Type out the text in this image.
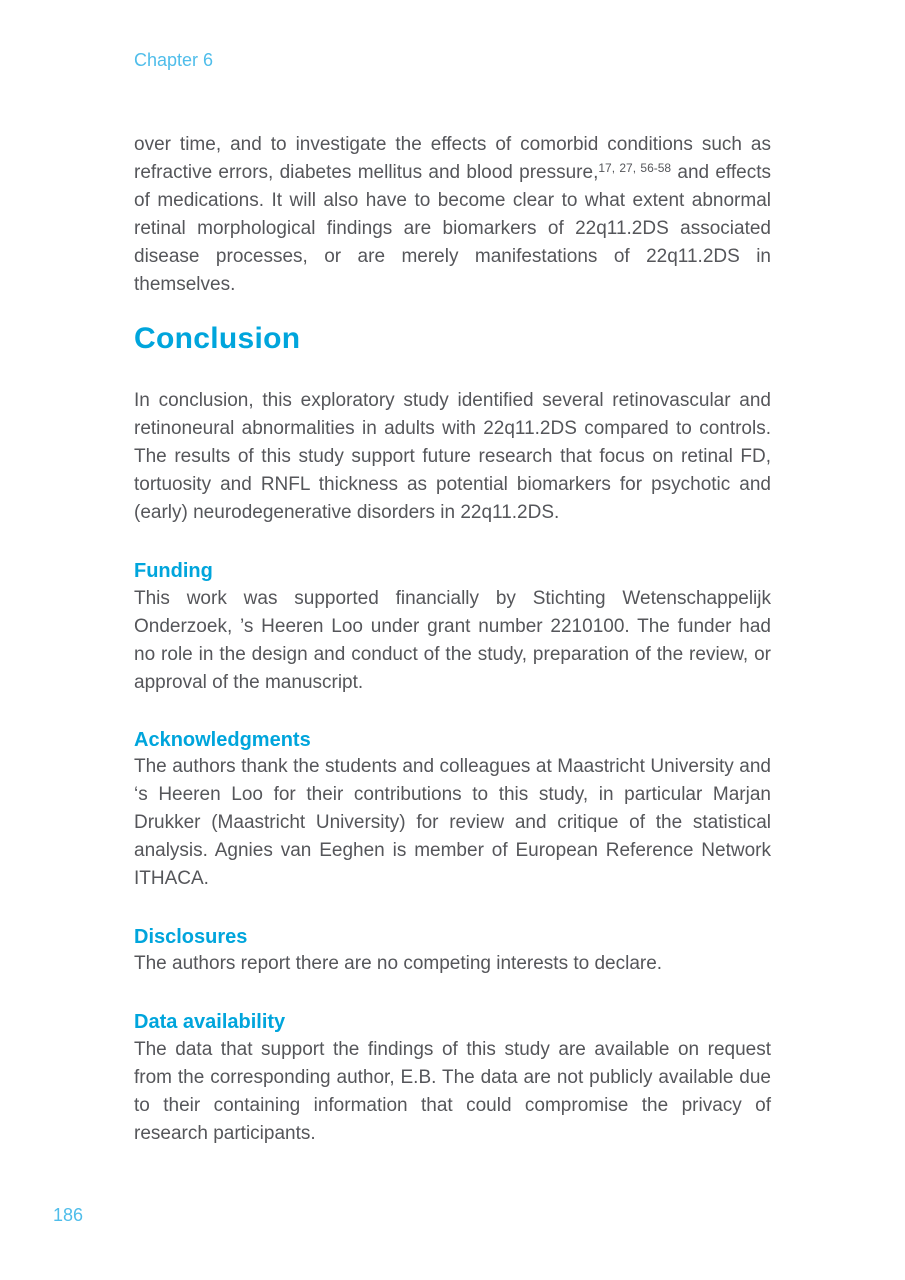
Chapter 6

over time, and to investigate the effects of comorbid conditions such as refractive errors, diabetes mellitus and blood pressure,$^{17, 27, 56-58}$ and effects of medications. It will also have to become clear to what extent abnormal retinal morphological findings are biomarkers of 22q11.2DS associated disease processes, or are merely manifestations of 22q11.2DS in themselves.

Conclusion

In conclusion, this exploratory study identified several retinovascular and retinoneural abnormalities in adults with 22q11.2DS compared to controls. The results of this study support future research that focus on retinal FD, tortuosity and RNFL thickness as potential biomarkers for psychotic and (early) neurodegenerative disorders in 22q11.2DS.

Funding

This work was supported financially by Stichting Wetenschappelijk Onderzoek, ’s Heeren Loo under grant number 2210100. The funder had no role in the design and conduct of the study, preparation of the review, or approval of the manuscript.

Acknowledgments

The authors thank the students and colleagues at Maastricht University and ‘s Heeren Loo for their contributions to this study, in particular Marjan Drukker (Maastricht University) for review and critique of the statistical analysis. Agnies van Eeghen is member of European Reference Network ITHACA.

Disclosures

The authors report there are no competing interests to declare.

Data availability

The data that support the findings of this study are available on request from the corresponding author, E.B. The data are not publicly available due to their containing information that could compromise the privacy of research participants.

186
